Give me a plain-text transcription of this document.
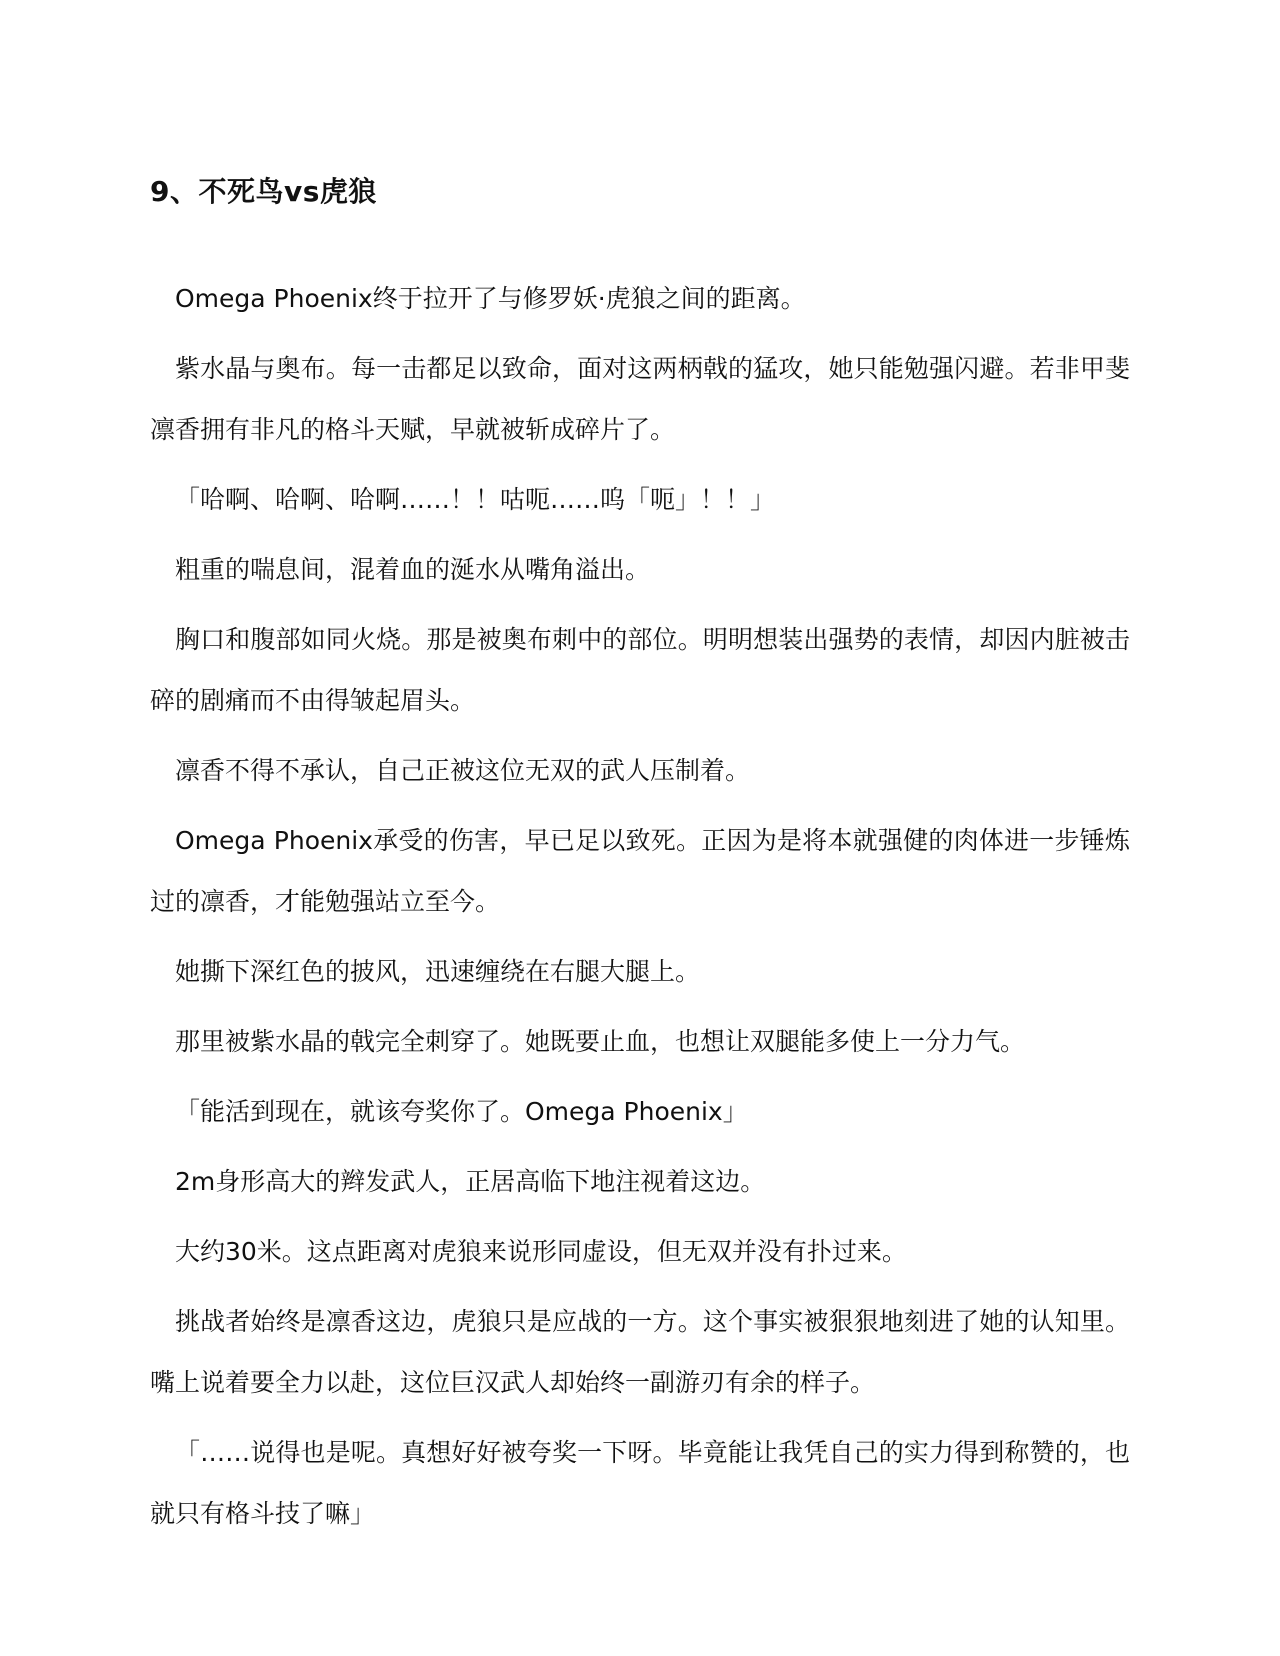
9、不死鸟vs虎狼

Omega Phoenix终于拉开了与修罗妖·虎狼之间的距离。

紫水晶与奥布。每一击都足以致命，面对这两柄戟的猛攻，她只能勉强闪避。若非甲斐凛香拥有非凡的格斗天赋，早就被斩成碎片了。

「哈啊、哈啊、哈啊……！！咕呃……呜「呃」！！」

粗重的喘息间，混着血的涎水从嘴角溢出。

胸口和腹部如同火烧。那是被奥布刺中的部位。明明想装出强势的表情，却因内脏被击碎的剧痛而不由得皱起眉头。

凛香不得不承认，自己正被这位无双的武人压制着。

Omega Phoenix承受的伤害，早已足以致死。正因为是将本就强健的肉体进一步锤炼过的凛香，才能勉强站立至今。

她撕下深红色的披风，迅速缠绕在右腿大腿上。

那里被紫水晶的戟完全刺穿了。她既要止血，也想让双腿能多使上一分力气。

「能活到现在，就该夸奖你了。Omega Phoenix」

2m身形高大的辫发武人，正居高临下地注视着这边。

大约30米。这点距离对虎狼来说形同虚设，但无双并没有扑过来。

挑战者始终是凛香这边，虎狼只是应战的一方。这个事实被狠狠地刻进了她的认知里。嘴上说着要全力以赴，这位巨汉武人却始终一副游刃有余的样子。

「……说得也是呢。真想好好被夸奖一下呀。毕竟能让我凭自己的实力得到称赞的，也就只有格斗技了嘛」
